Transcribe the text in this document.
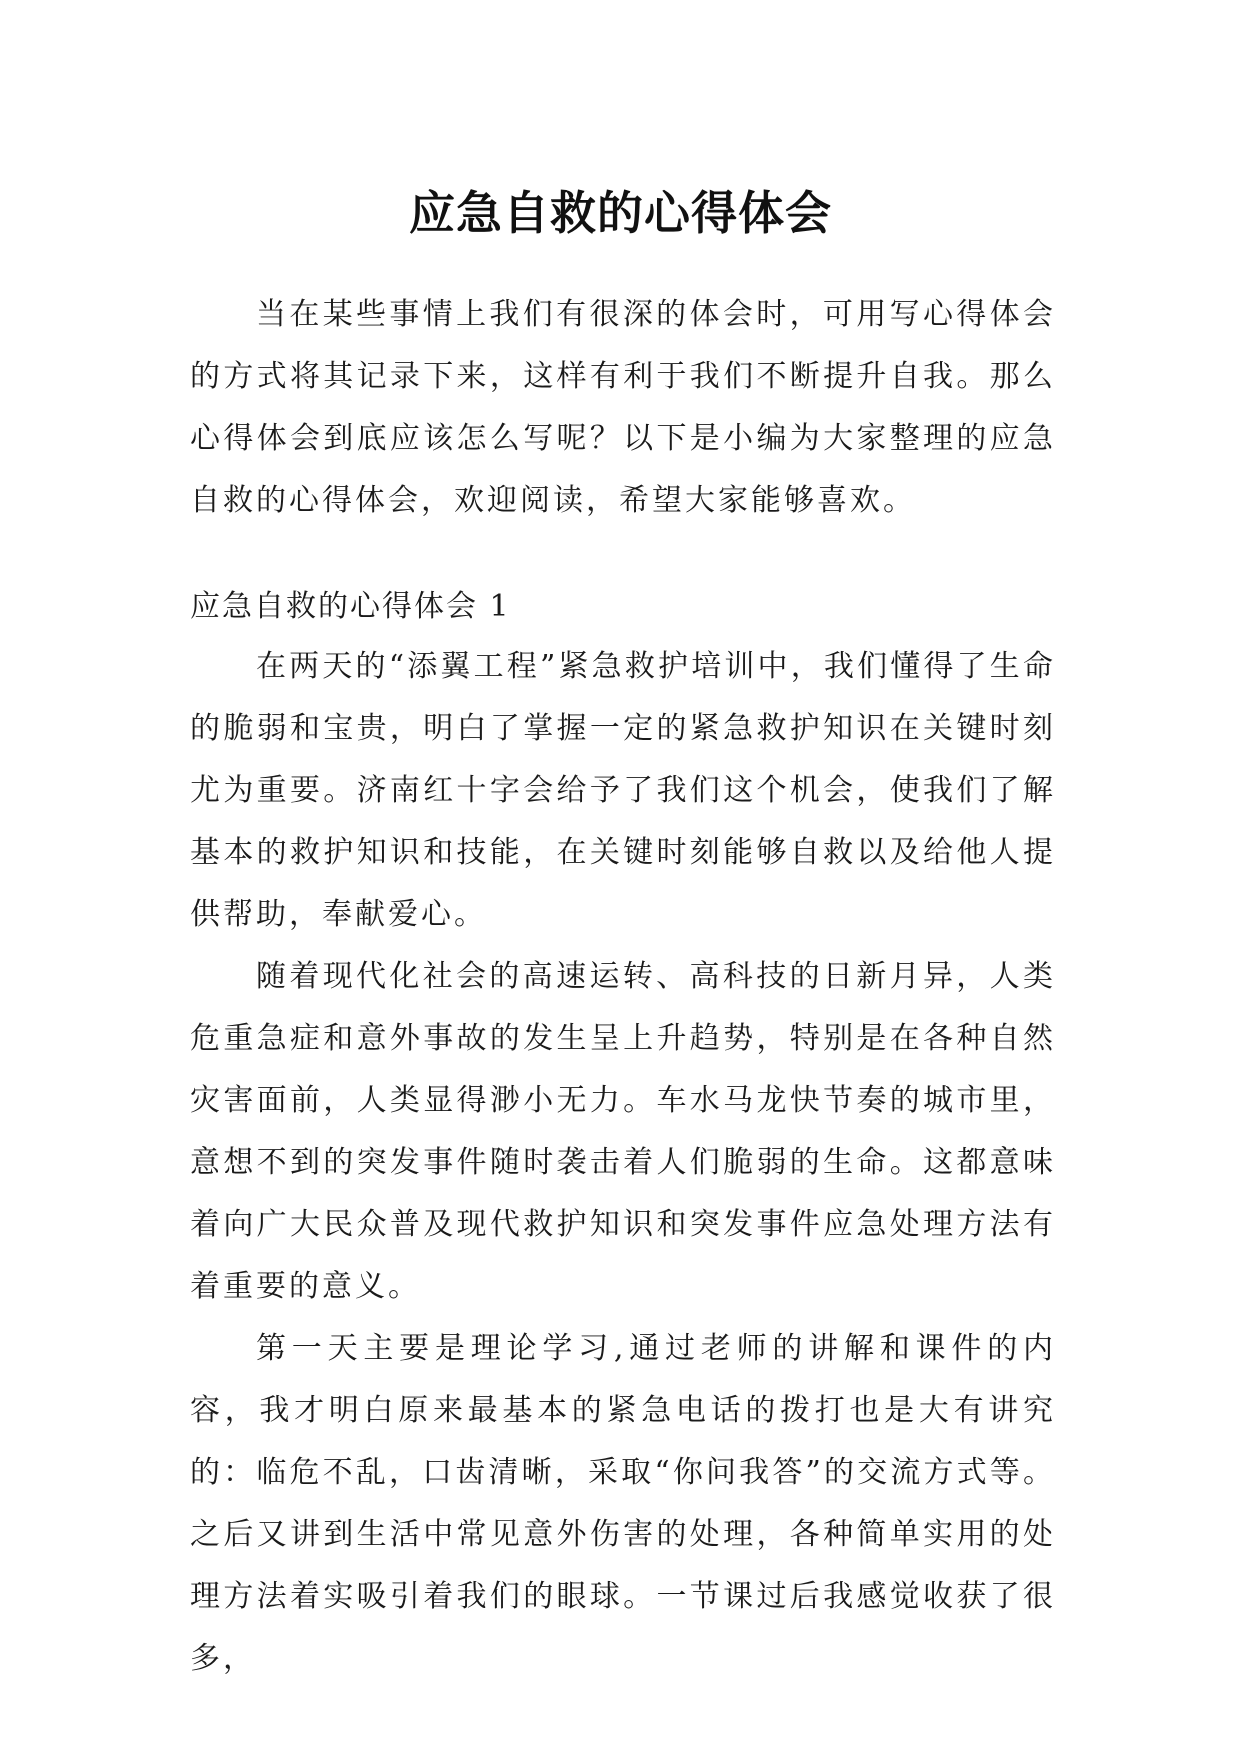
应急自救的心得体会

当在某些事情上我们有很深的体会时，可用写心得体会的方式将其记录下来，这样有利于我们不断提升自我。那么心得体会到底应该怎么写呢？以下是小编为大家整理的应急自救的心得体会，欢迎阅读，希望大家能够喜欢。

应急自救的心得体会 1

在两天的“添翼工程”紧急救护培训中，我们懂得了生命的脆弱和宝贵，明白了掌握一定的紧急救护知识在关键时刻尤为重要。济南红十字会给予了我们这个机会，使我们了解基本的救护知识和技能，在关键时刻能够自救以及给他人提供帮助，奉献爱心。

随着现代化社会的高速运转、高科技的日新月异，人类危重急症和意外事故的发生呈上升趋势，特别是在各种自然灾害面前，人类显得渺小无力。车水马龙快节奏的城市里，意想不到的突发事件随时袭击着人们脆弱的生命。这都意味着向广大民众普及现代救护知识和突发事件应急处理方法有着重要的意义。

第一天主要是理论学习,通过老师的讲解和课件的内容，我才明白原来最基本的紧急电话的拨打也是大有讲究的：临危不乱，口齿清晰，采取“你问我答”的交流方式等。之后又讲到生活中常见意外伤害的处理，各种简单实用的处理方法着实吸引着我们的眼球。一节课过后我感觉收获了很多，
